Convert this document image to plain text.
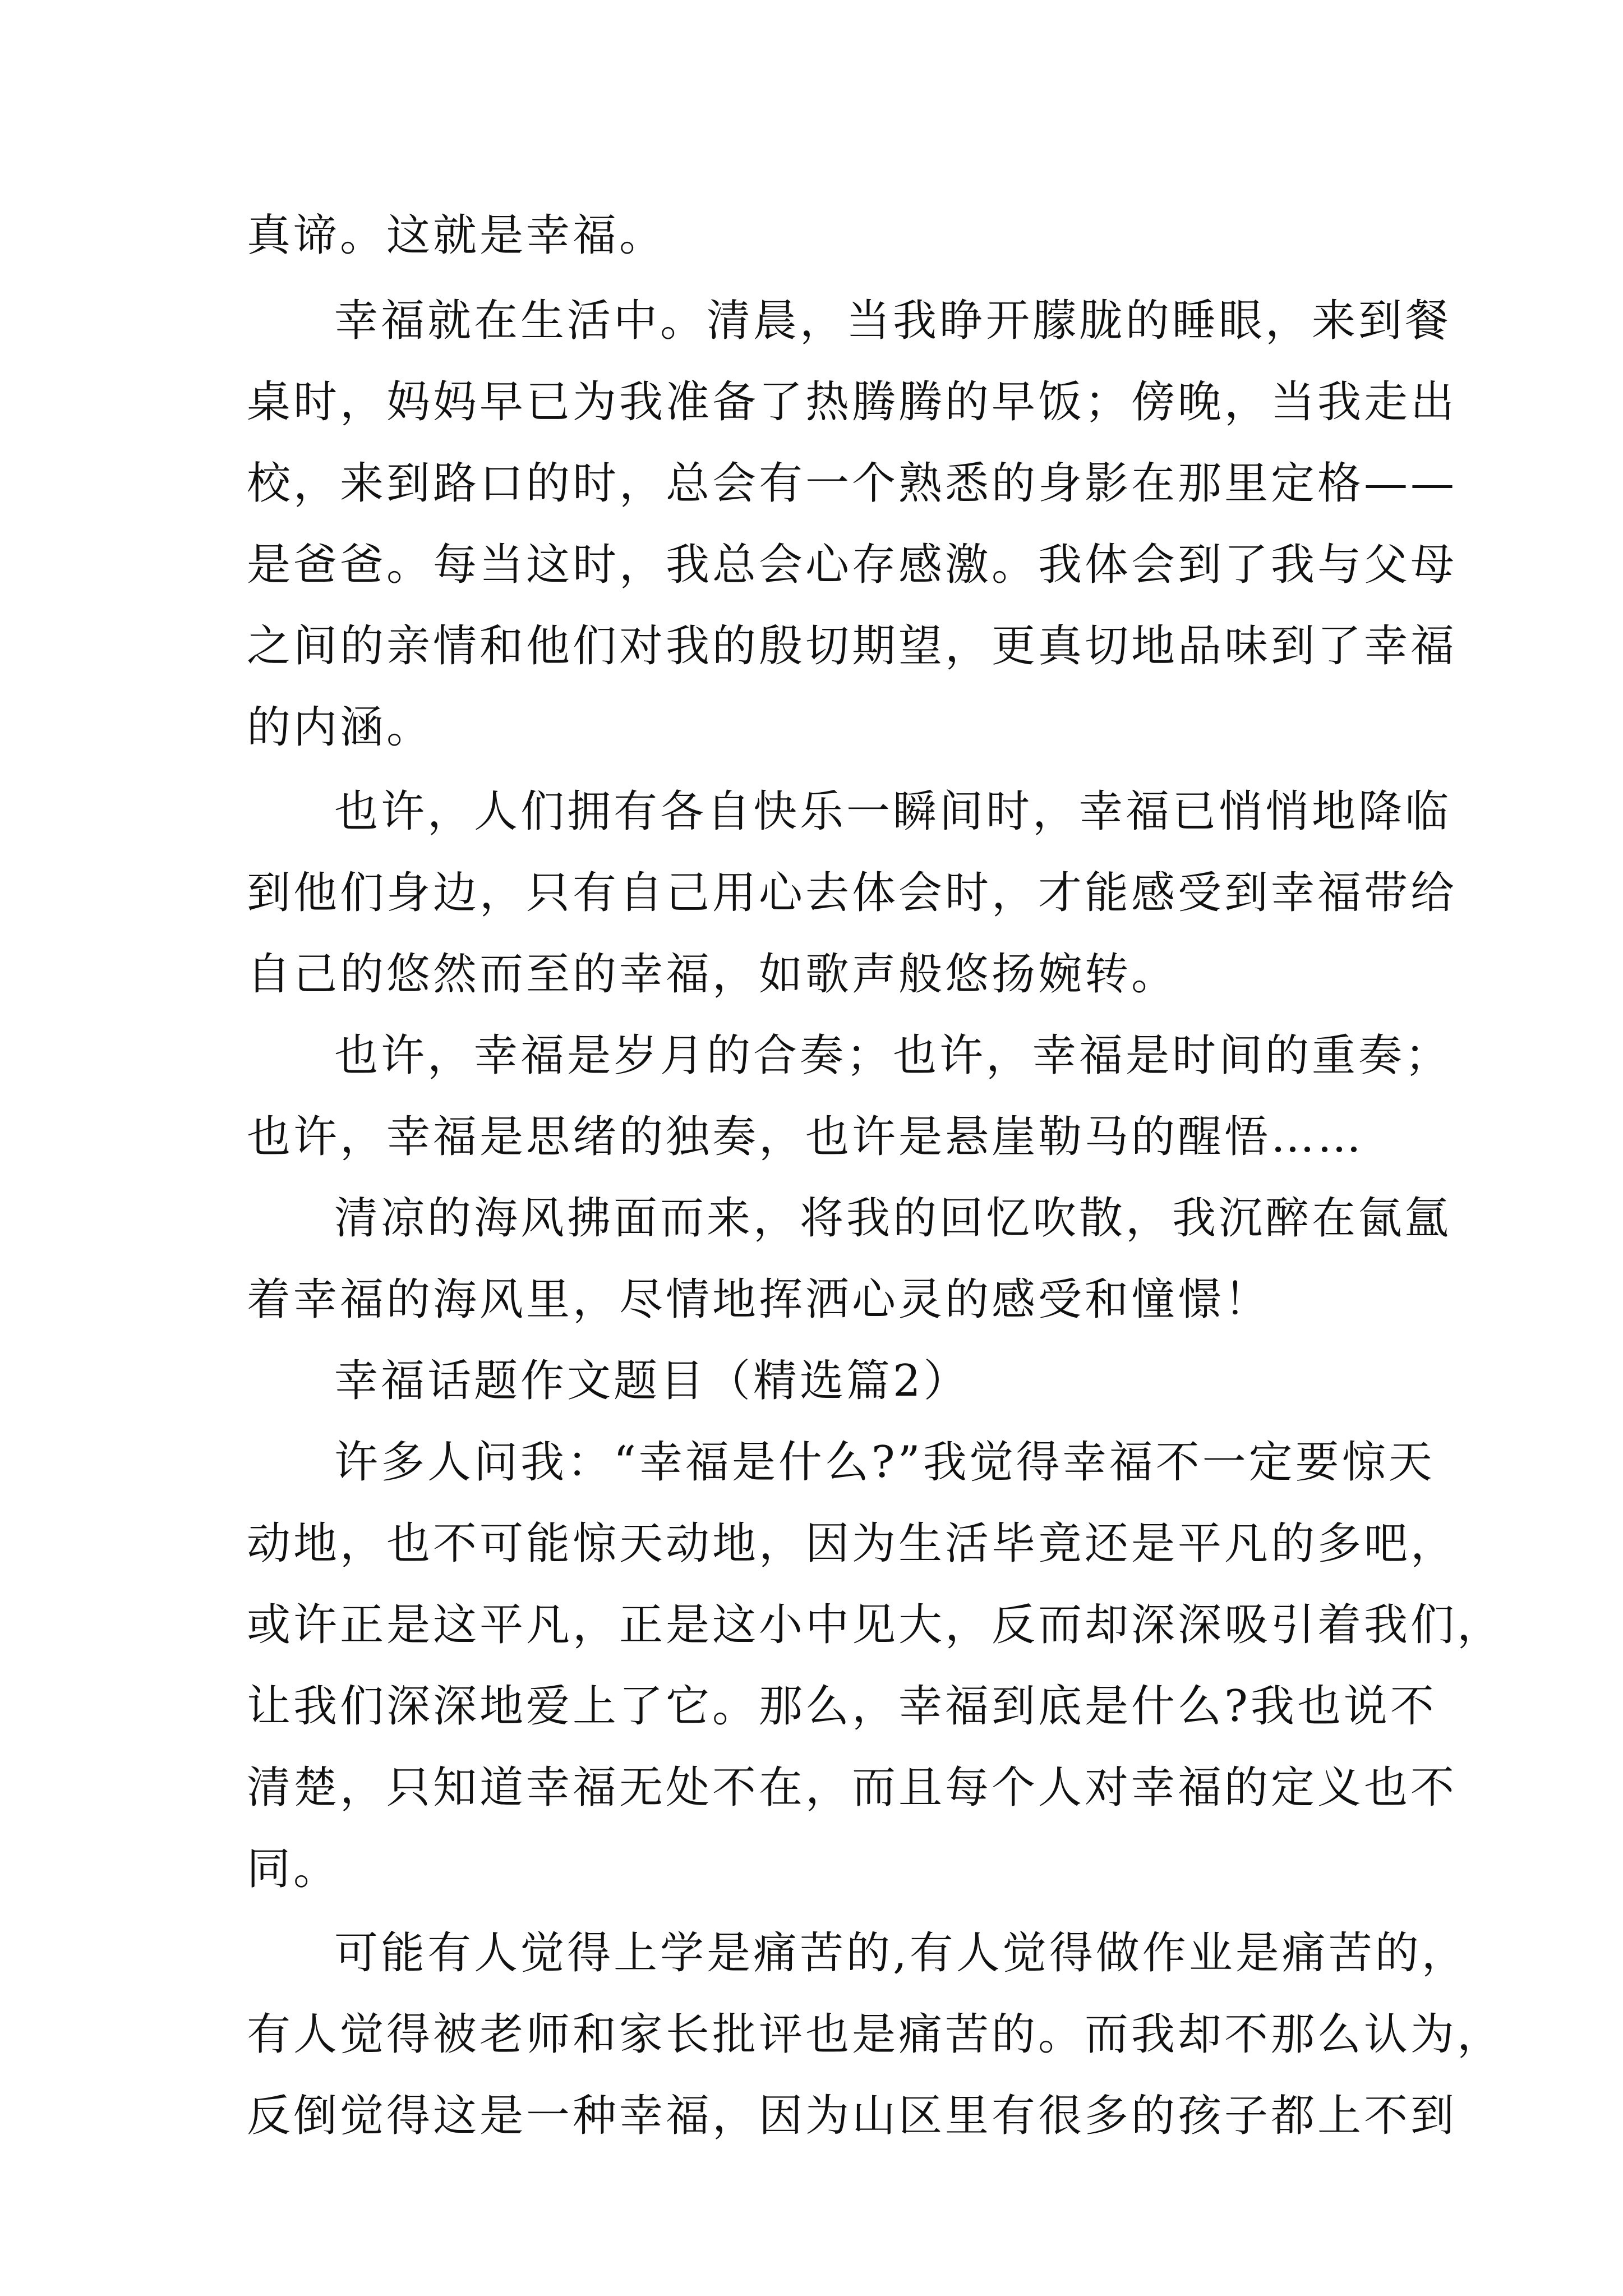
真谛。这就是幸福。

幸福就在生活中。清晨，当我睁开朦胧的睡眼，来到餐

桌时，妈妈早已为我准备了热腾腾的早饭；傍晚，当我走出

校，来到路口的时，总会有一个熟悉的身影在那里定格——

是爸爸。每当这时，我总会心存感激。我体会到了我与父母

之间的亲情和他们对我的殷切期望，更真切地品味到了幸福

的内涵。

也许，人们拥有各自快乐一瞬间时，幸福已悄悄地降临

到他们身边，只有自己用心去体会时，才能感受到幸福带给

自己的悠然而至的幸福，如歌声般悠扬婉转。

也许，幸福是岁月的合奏；也许，幸福是时间的重奏；

也许，幸福是思绪的独奏，也许是悬崖勒马的醒悟……

清凉的海风拂面而来，将我的回忆吹散，我沉醉在氤氲

着幸福的海风里，尽情地挥洒心灵的感受和憧憬！

幸福话题作文题目（精选篇2）

许多人问我：“幸福是什么?”我觉得幸福不一定要惊天

动地，也不可能惊天动地，因为生活毕竟还是平凡的多吧，

或许正是这平凡，正是这小中见大，反而却深深吸引着我们，

让我们深深地爱上了它。那么，幸福到底是什么?我也说不

清楚，只知道幸福无处不在，而且每个人对幸福的定义也不

同。

可能有人觉得上学是痛苦的,有人觉得做作业是痛苦的，

有人觉得被老师和家长批评也是痛苦的。而我却不那么认为，

反倒觉得这是一种幸福，因为山区里有很多的孩子都上不到
